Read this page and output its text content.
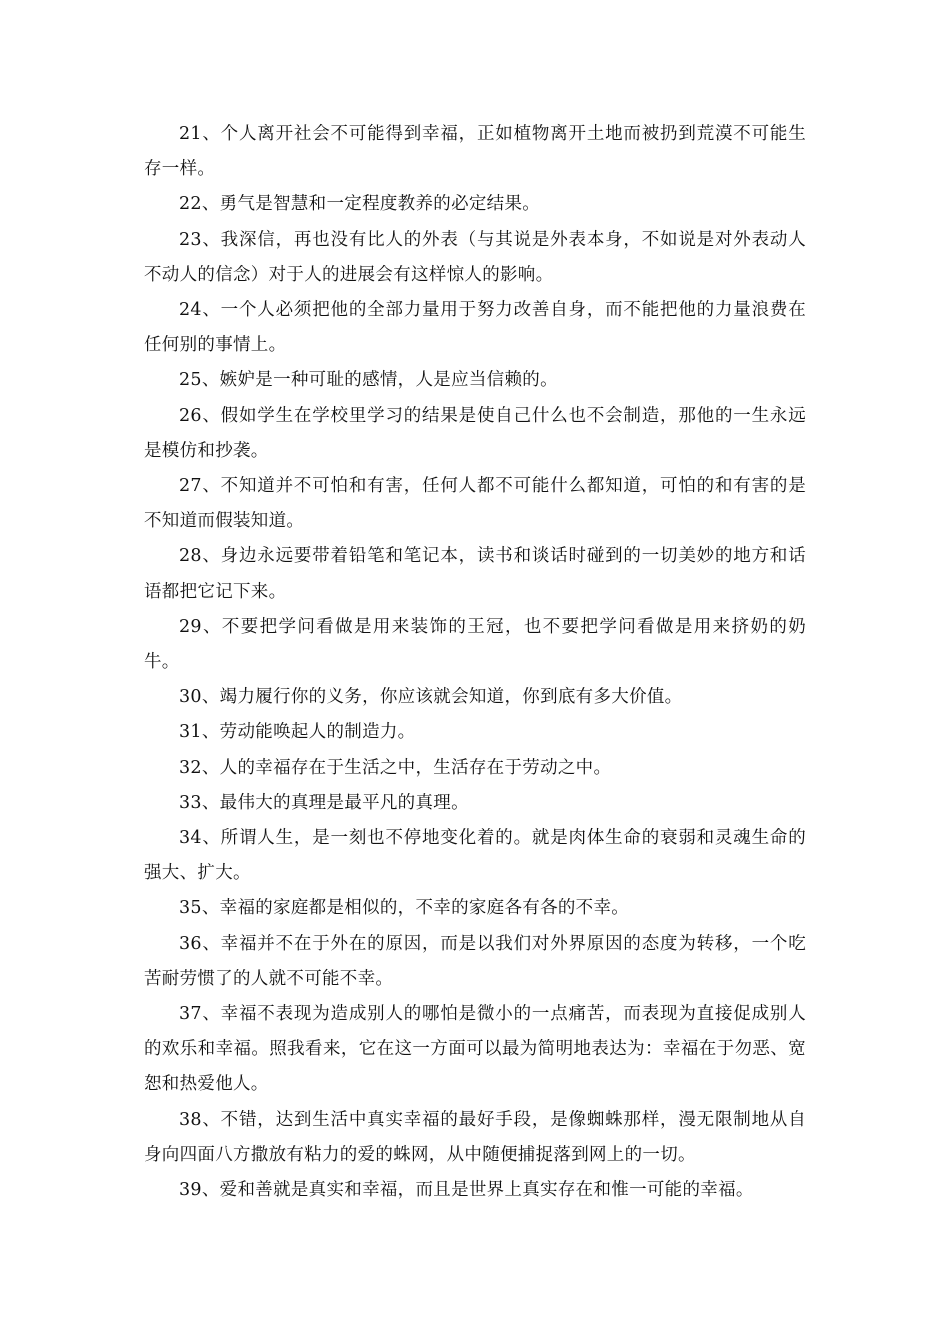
21、个人离开社会不可能得到幸福，正如植物离开土地而被扔到荒漠不可能生存一样。

22、勇气是智慧和一定程度教养的必定结果。

23、我深信，再也没有比人的外表（与其说是外表本身，不如说是对外表动人不动人的信念）对于人的进展会有这样惊人的影响。

24、一个人必须把他的全部力量用于努力改善自身，而不能把他的力量浪费在任何别的事情上。

25、嫉妒是一种可耻的感情，人是应当信赖的。

26、假如学生在学校里学习的结果是使自己什么也不会制造，那他的一生永远是模仿和抄袭。

27、不知道并不可怕和有害，任何人都不可能什么都知道，可怕的和有害的是不知道而假装知道。

28、身边永远要带着铅笔和笔记本，读书和谈话时碰到的一切美妙的地方和话语都把它记下来。

29、不要把学问看做是用来装饰的王冠，也不要把学问看做是用来挤奶的奶牛。

30、竭力履行你的义务，你应该就会知道，你到底有多大价值。

31、劳动能唤起人的制造力。

32、人的幸福存在于生活之中，生活存在于劳动之中。

33、最伟大的真理是最平凡的真理。

34、所谓人生，是一刻也不停地变化着的。就是肉体生命的衰弱和灵魂生命的强大、扩大。

35、幸福的家庭都是相似的，不幸的家庭各有各的不幸。

36、幸福并不在于外在的原因，而是以我们对外界原因的态度为转移，一个吃苦耐劳惯了的人就不可能不幸。

37、幸福不表现为造成别人的哪怕是微小的一点痛苦，而表现为直接促成别人的欢乐和幸福。照我看来，它在这一方面可以最为简明地表达为：幸福在于勿恶、宽恕和热爱他人。

38、不错，达到生活中真实幸福的最好手段，是像蜘蛛那样，漫无限制地从自身向四面八方撒放有粘力的爱的蛛网，从中随便捕捉落到网上的一切。

39、爱和善就是真实和幸福，而且是世界上真实存在和惟一可能的幸福。
